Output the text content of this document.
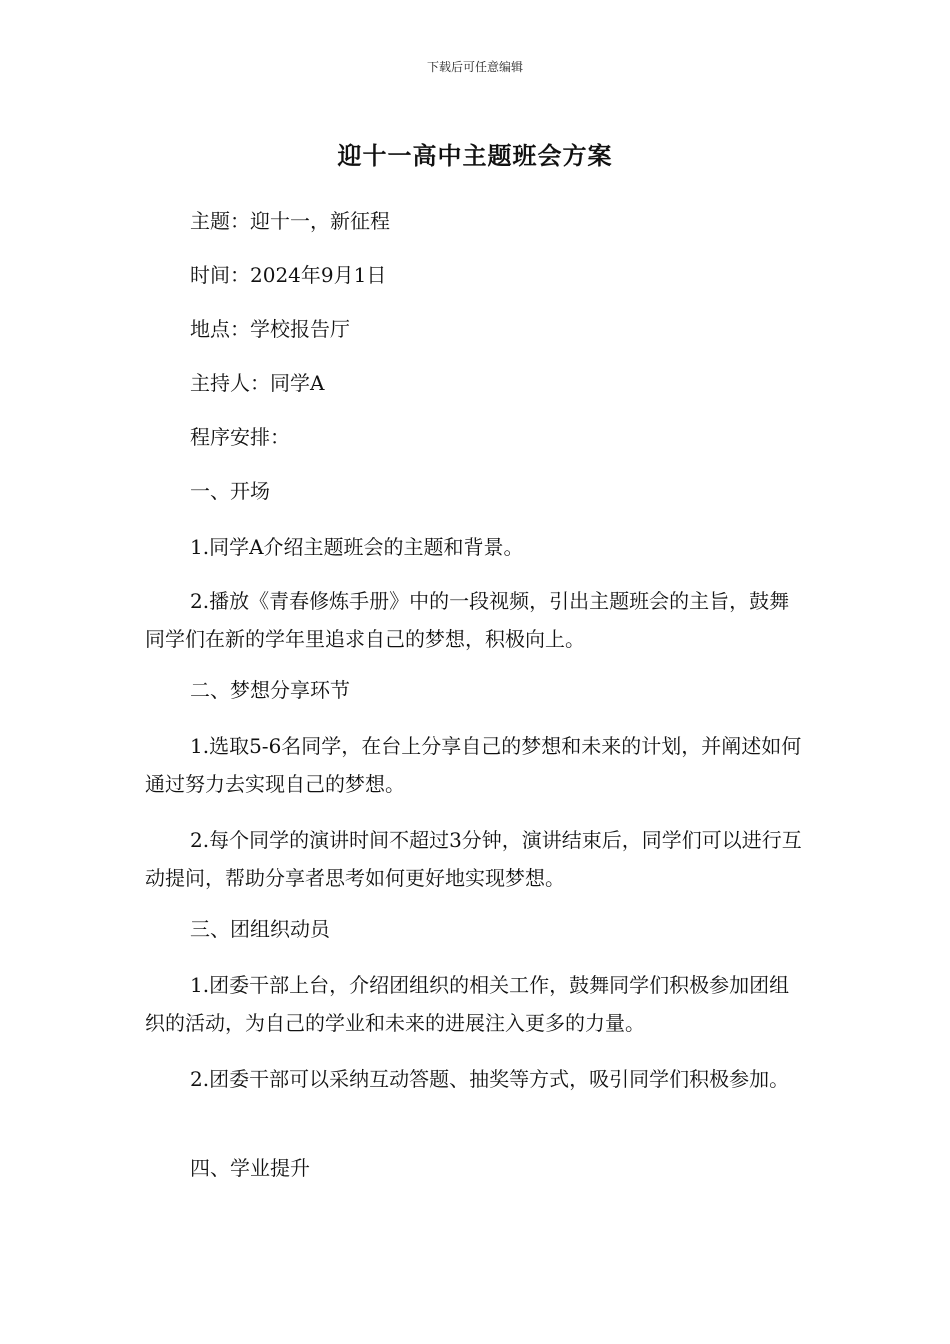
下载后可任意编辑
迎十一高中主题班会方案
主题：迎十一，新征程
时间：2024年9月1日
地点：学校报告厅
主持人：同学A
程序安排：
一、开场
1.同学A介绍主题班会的主题和背景。
2.播放《青春修炼手册》中的一段视频，引出主题班会的主旨，鼓舞同学们在新的学年里追求自己的梦想，积极向上。
二、梦想分享环节
1.选取5-6名同学，在台上分享自己的梦想和未来的计划，并阐述如何通过努力去实现自己的梦想。
2.每个同学的演讲时间不超过3分钟，演讲结束后，同学们可以进行互动提问，帮助分享者思考如何更好地实现梦想。
三、团组织动员
1.团委干部上台，介绍团组织的相关工作，鼓舞同学们积极参加团组织的活动，为自己的学业和未来的进展注入更多的力量。
2.团委干部可以采纳互动答题、抽奖等方式，吸引同学们积极参加。
四、学业提升
